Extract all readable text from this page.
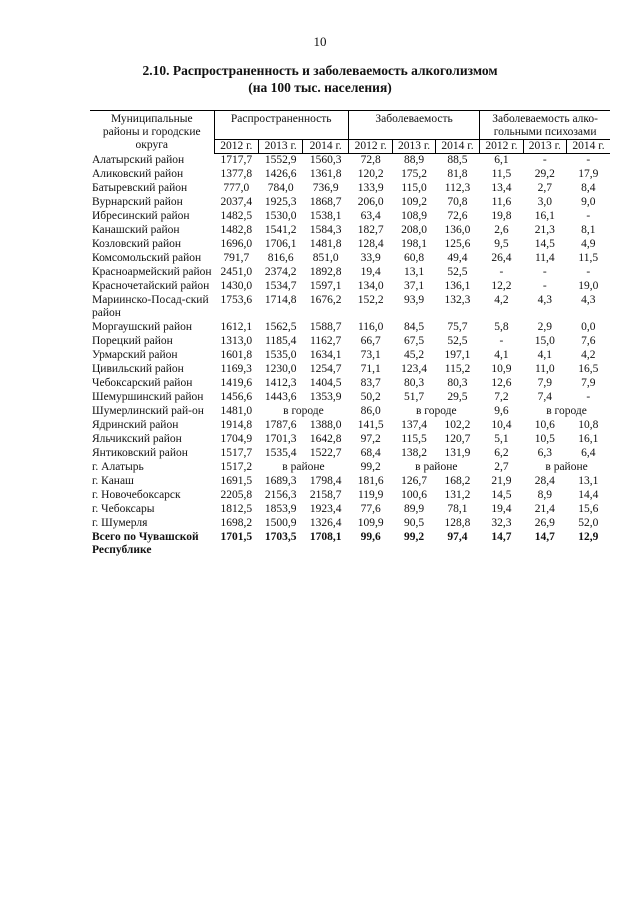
10
2.10. Распространенность и заболеваемость алкоголизмом
(на 100 тыс. населения)
Муниципальные районы и городские округа	Распространенность			Заболеваемость			Заболеваемость алко-гольными психозами		
	2012 г.	2013 г.	2014 г.	2012 г.	2013 г.	2014 г.	2012 г.	2013 г.	2014 г.
Алатырский район	1717,7	1552,9	1560,3	72,8	88,9	88,5	6,1	-	-
Аликовский район	1377,8	1426,6	1361,8	120,2	175,2	81,8	11,5	29,2	17,9
Батыревский район	777,0	784,0	736,9	133,9	115,0	112,3	13,4	2,7	8,4
Вурнарский район	2037,4	1925,3	1868,7	206,0	109,2	70,8	11,6	3,0	9,0
Ибресинский район	1482,5	1530,0	1538,1	63,4	108,9	72,6	19,8	16,1	-
Канашский район	1482,8	1541,2	1584,3	182,7	208,0	136,0	2,6	21,3	8,1
Козловский район	1696,0	1706,1	1481,8	128,4	198,1	125,6	9,5	14,5	4,9
Комсомольский район	791,7	816,6	851,0	33,9	60,8	49,4	26,4	11,4	11,5
Красноармейский район	2451,0	2374,2	1892,8	19,4	13,1	52,5	-	-	-
Красночетайский район	1430,0	1534,7	1597,1	134,0	37,1	136,1	12,2	-	19,0
Мариинско-Посад-ский район	1753,6	1714,8	1676,2	152,2	93,9	132,3	4,2	4,3	4,3
Моргаушский район	1612,1	1562,5	1588,7	116,0	84,5	75,7	5,8	2,9	0,0
Порецкий район	1313,0	1185,4	1162,7	66,7	67,5	52,5	-	15,0	7,6
Урмарский район	1601,8	1535,0	1634,1	73,1	45,2	197,1	4,1	4,1	4,2
Цивильский район	1169,3	1230,0	1254,7	71,1	123,4	115,2	10,9	11,0	16,5
Чебоксарский район	1419,6	1412,3	1404,5	83,7	80,3	80,3	12,6	7,9	7,9
Шемуршинский район	1456,6	1443,6	1353,9	50,2	51,7	29,5	7,2	7,4	-
Шумерлинский рай-он	1481,0	в городе		86,0	в городе		9,6	в городе	
Ядринский район	1914,8	1787,6	1388,0	141,5	137,4	102,2	10,4	10,6	10,8
Яльчикский район	1704,9	1701,3	1642,8	97,2	115,5	120,7	5,1	10,5	16,1
Янтиковский район	1517,7	1535,4	1522,7	68,4	138,2	131,9	6,2	6,3	6,4
г. Алатырь	1517,2	в районе		99,2	в районе		2,7	в районе	
г. Канаш	1691,5	1689,3	1798,4	181,6	126,7	168,2	21,9	28,4	13,1
г. Новочебоксарск	2205,8	2156,3	2158,7	119,9	100,6	131,2	14,5	8,9	14,4
г. Чебоксары	1812,5	1853,9	1923,4	77,6	89,9	78,1	19,4	21,4	15,6
г. Шумерля	1698,2	1500,9	1326,4	109,9	90,5	128,8	32,3	26,9	52,0
Всего по Чувашской Республике	1701,5	1703,5	1708,1	99,6	99,2	97,4	14,7	14,7	12,9
